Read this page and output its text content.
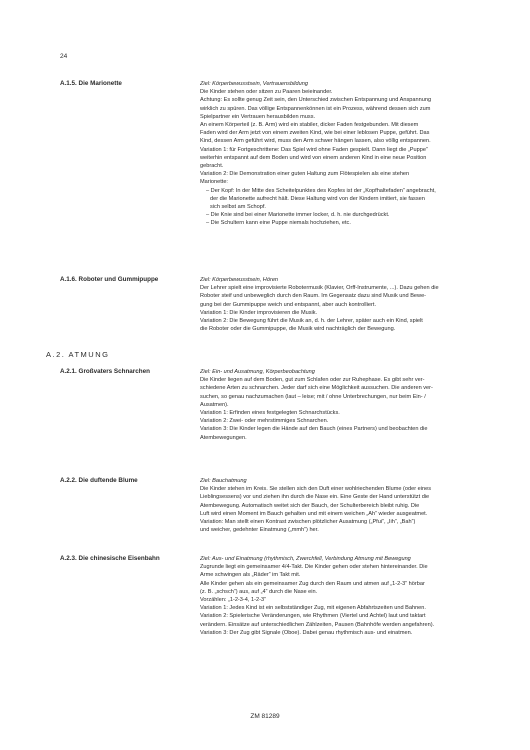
24
A.1.5. Die Marionette	Ziel: Körperbewusstsein, Vertrauensbildung
Die Kinder stehen oder sitzen zu Paaren beieinander.
Achtung: Es sollte genug Zeit sein, den Unterschied zwischen Entspannung und Anspannung
wirklich zu spüren. Das völlige Entspannenkönnen ist ein Prozess, während dessen sich zum
Spielpartner ein Vertrauen herausbilden muss.
An einem Körperteil (z. B. Arm) wird ein stabiler, dicker Faden festgebunden. Mit diesem
Faden wird der Arm jetzt von einem zweiten Kind, wie bei einer leblosen Puppe, geführt. Das
Kind, dessen Arm geführt wird, muss den Arm schwer hängen lassen, also völlig entspannen.
Variation 1: für Fortgeschrittene: Das Spiel wird ohne Faden gespielt. Dann liegt die „Puppe“
weiterhin entspannt auf dem Boden und wird von einem anderen Kind in eine neue Position
gebracht.
Variation 2: Die Demonstration einer guten Haltung zum Flötespielen als eine stehen
Marionette:
– Der Kopf: In der Mitte des Scheitelpunktes des Kopfes ist der „Kopfhaltefaden“ angebracht,
der die Marionette aufrecht hält. Diese Haltung wird von der Kindern imitiert, sie fassen
sich selbst am Schopf.
– Die Knie sind bei einer Marionette immer locker, d. h. nie durchgedrückt.
– Die Schultern kann eine Puppe niemals hochziehen, etc.
A.1.6. Roboter und Gummipuppe	Ziel: Körperbewusstsein, Hören
Der Lehrer spielt eine improvisierte Robotermusik (Klavier, Orff-Instrumente, ...). Dazu gehen die
Roboter steif und unbeweglich durch den Raum. Im Gegensatz dazu sind Musik und Bewe-
gung bei der Gummipuppe weich und entspannt, aber auch kontrolliert.
Variation 1: Die Kinder improvisieren die Musik.
Variation 2: Die Bewegung führt die Musik an, d. h. der Lehrer, später auch ein Kind, spielt
die Roboter oder die Gummipuppe, die Musik wird nachträglich der Bewegung.
A.2. ATMUNG
A.2.1. Großvaters Schnarchen	Ziel: Ein- und Ausatmung, Körperbeobachtung
Die Kinder liegen auf dem Boden, gut zum Schlafen oder zur Ruhephase. Es gibt sehr ver-
schiedene Arten zu schnarchen. Jeder darf sich eine Möglichkeit aussuchen. Die anderen ver-
suchen, so genau nachzumachen (laut – leise; mit / ohne Unterbrechungen, nur beim Ein- /
Ausatmen).
Variation 1: Erfinden eines festgelegten Schnarchstücks.
Variation 2: Zwei- oder mehrstimmiges Schnarchen.
Variation 3: Die Kinder legen die Hände auf den Bauch (eines Partners) und beobachten die
Atembewegungen.
A.2.2. Die duftende Blume	Ziel: Bauchatmung
Die Kinder stehen im Kreis. Sie stellen sich den Duft einer wohlriechenden Blume (oder eines
Lieblingsessens) vor und ziehen ihn durch die Nase ein. Eine Geste der Hand unterstützt die
Atembewegung. Automatisch weitet sich der Bauch, der Schulterbereich bleibt ruhig. Die
Luft wird einen Moment im Bauch gehalten und mit einem weichen „Ah“ wieder ausgeatmet.
Variation: Man stellt einen Kontrast zwischen plötzlicher Ausatmung („Pfui“, „Iih“, „Bah“)
und weicher, gedehnter Einatmung („mmh“) her.
A.2.3. Die chinesische Eisenbahn	Ziel: Aus- und Einatmung (rhythmisch, Zwerchfell, Verbindung Atmung mit Bewegung
Zugrunde liegt ein gemeinsamer 4/4-Takt. Die Kinder gehen oder stehen hintereinander. Die
Arme schwingen als „Räder“ im Takt mit.
Alle Kinder gehen als ein gemeinsamer Zug durch den Raum und atmen auf „1-2-3“ hörbar
(z. B. „schsch“) aus, auf „4“ durch die Nase ein.
Vorzählen: „1-2-3-4, 1-2-3“
Variation 1: Jedes Kind ist ein selbstständiger Zug, mit eigenen Abfahrtszeiten und Bahnen.
Variation 2: Spielerische Veränderungen, wie Rhythmen (Viertel und Achtel) laut und taktart
verändern. Einsätze auf unterschiedlichen Zählzeiten, Pausen (Bahnhöfe werden angefahren).
Variation 3: Der Zug gibt Signale (Oboe). Dabei genau rhythmisch aus- und einatmen.
ZM 81289
